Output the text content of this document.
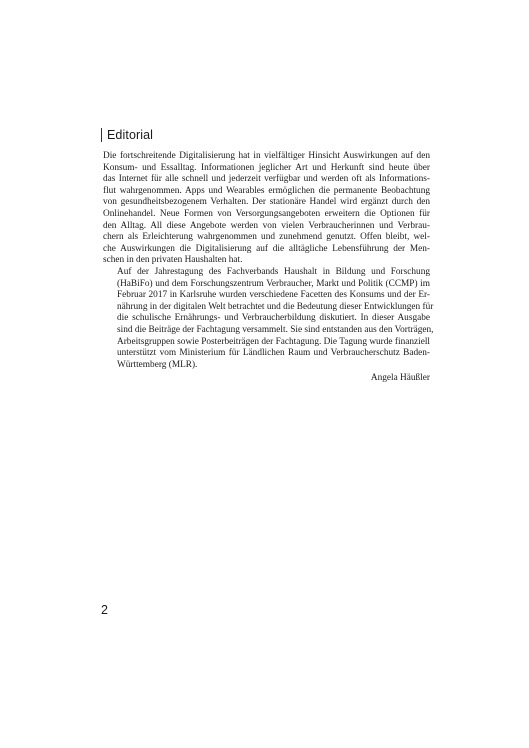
Editorial

Die fortschreitende Digitalisierung hat in vielfältiger Hinsicht Auswirkungen auf den
Konsum- und Essalltag. Informationen jeglicher Art und Herkunft sind heute über
das Internet für alle schnell und jederzeit verfügbar und werden oft als Informations-
flut wahrgenommen. Apps und Wearables ermöglichen die permanente Beobachtung
von gesundheitsbezogenem Verhalten. Der stationäre Handel wird ergänzt durch den
Onlinehandel. Neue Formen von Versorgungsangeboten erweitern die Optionen für
den Alltag. All diese Angebote werden von vielen Verbraucherinnen und Verbrau-
chern als Erleichterung wahrgenommen und zunehmend genutzt. Offen bleibt, wel-
che Auswirkungen die Digitalisierung auf die alltägliche Lebensführung der Men-
schen in den privaten Haushalten hat.

Auf der Jahrestagung des Fachverbands Haushalt in Bildung und Forschung
(HaBiFo) und dem Forschungszentrum Verbraucher, Markt und Politik (CCMP) im
Februar 2017 in Karlsruhe wurden verschiedene Facetten des Konsums und der Er-
nährung in der digitalen Welt betrachtet und die Bedeutung dieser Entwicklungen für
die schulische Ernährungs- und Verbraucherbildung diskutiert. In dieser Ausgabe
sind die Beiträge der Fachtagung versammelt. Sie sind entstanden aus den Vorträgen,
Arbeitsgruppen sowie Posterbeiträgen der Fachtagung. Die Tagung wurde finanziell
unterstützt vom Ministerium für Ländlichen Raum und Verbraucherschutz Baden-
Württemberg (MLR).

Angela Häußler
2
